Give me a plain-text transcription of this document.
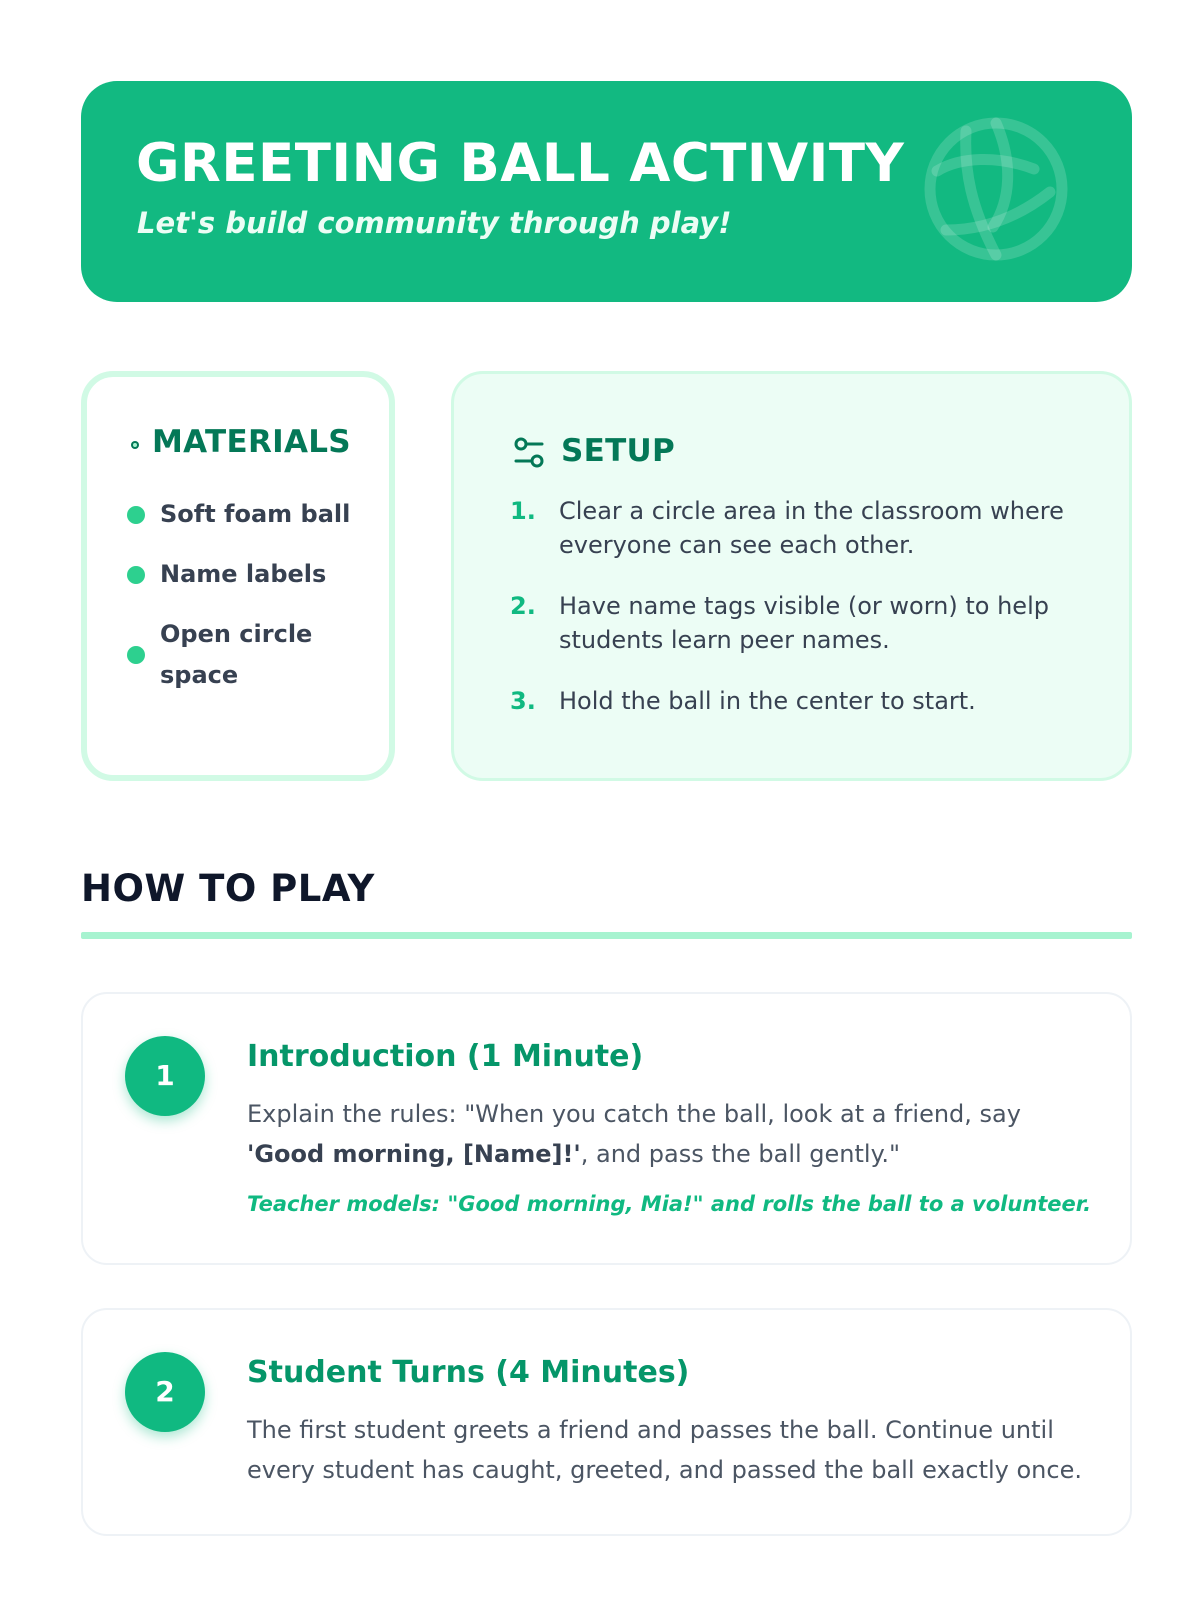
GREETING BALL ACTIVITY

Let's build community through play!

MATERIALS
Soft foam ball
Name labels
Open circle space
SETUP
1. Clear a circle area in the classroom where everyone can see each other.
2. Have name tags visible (or worn) to help students learn peer names.
3. Hold the ball in the center to start.
HOW TO PLAY
1
Introduction (1 Minute)

Explain the rules: "When you catch the ball, look at a friend, say 'Good morning, [Name]!', and pass the ball gently."

Teacher models: "Good morning, Mia!" and rolls the ball to a volunteer.

2
Student Turns (4 Minutes)

The first student greets a friend and passes the ball. Continue until every student has caught, greeted, and passed the ball exactly once.
